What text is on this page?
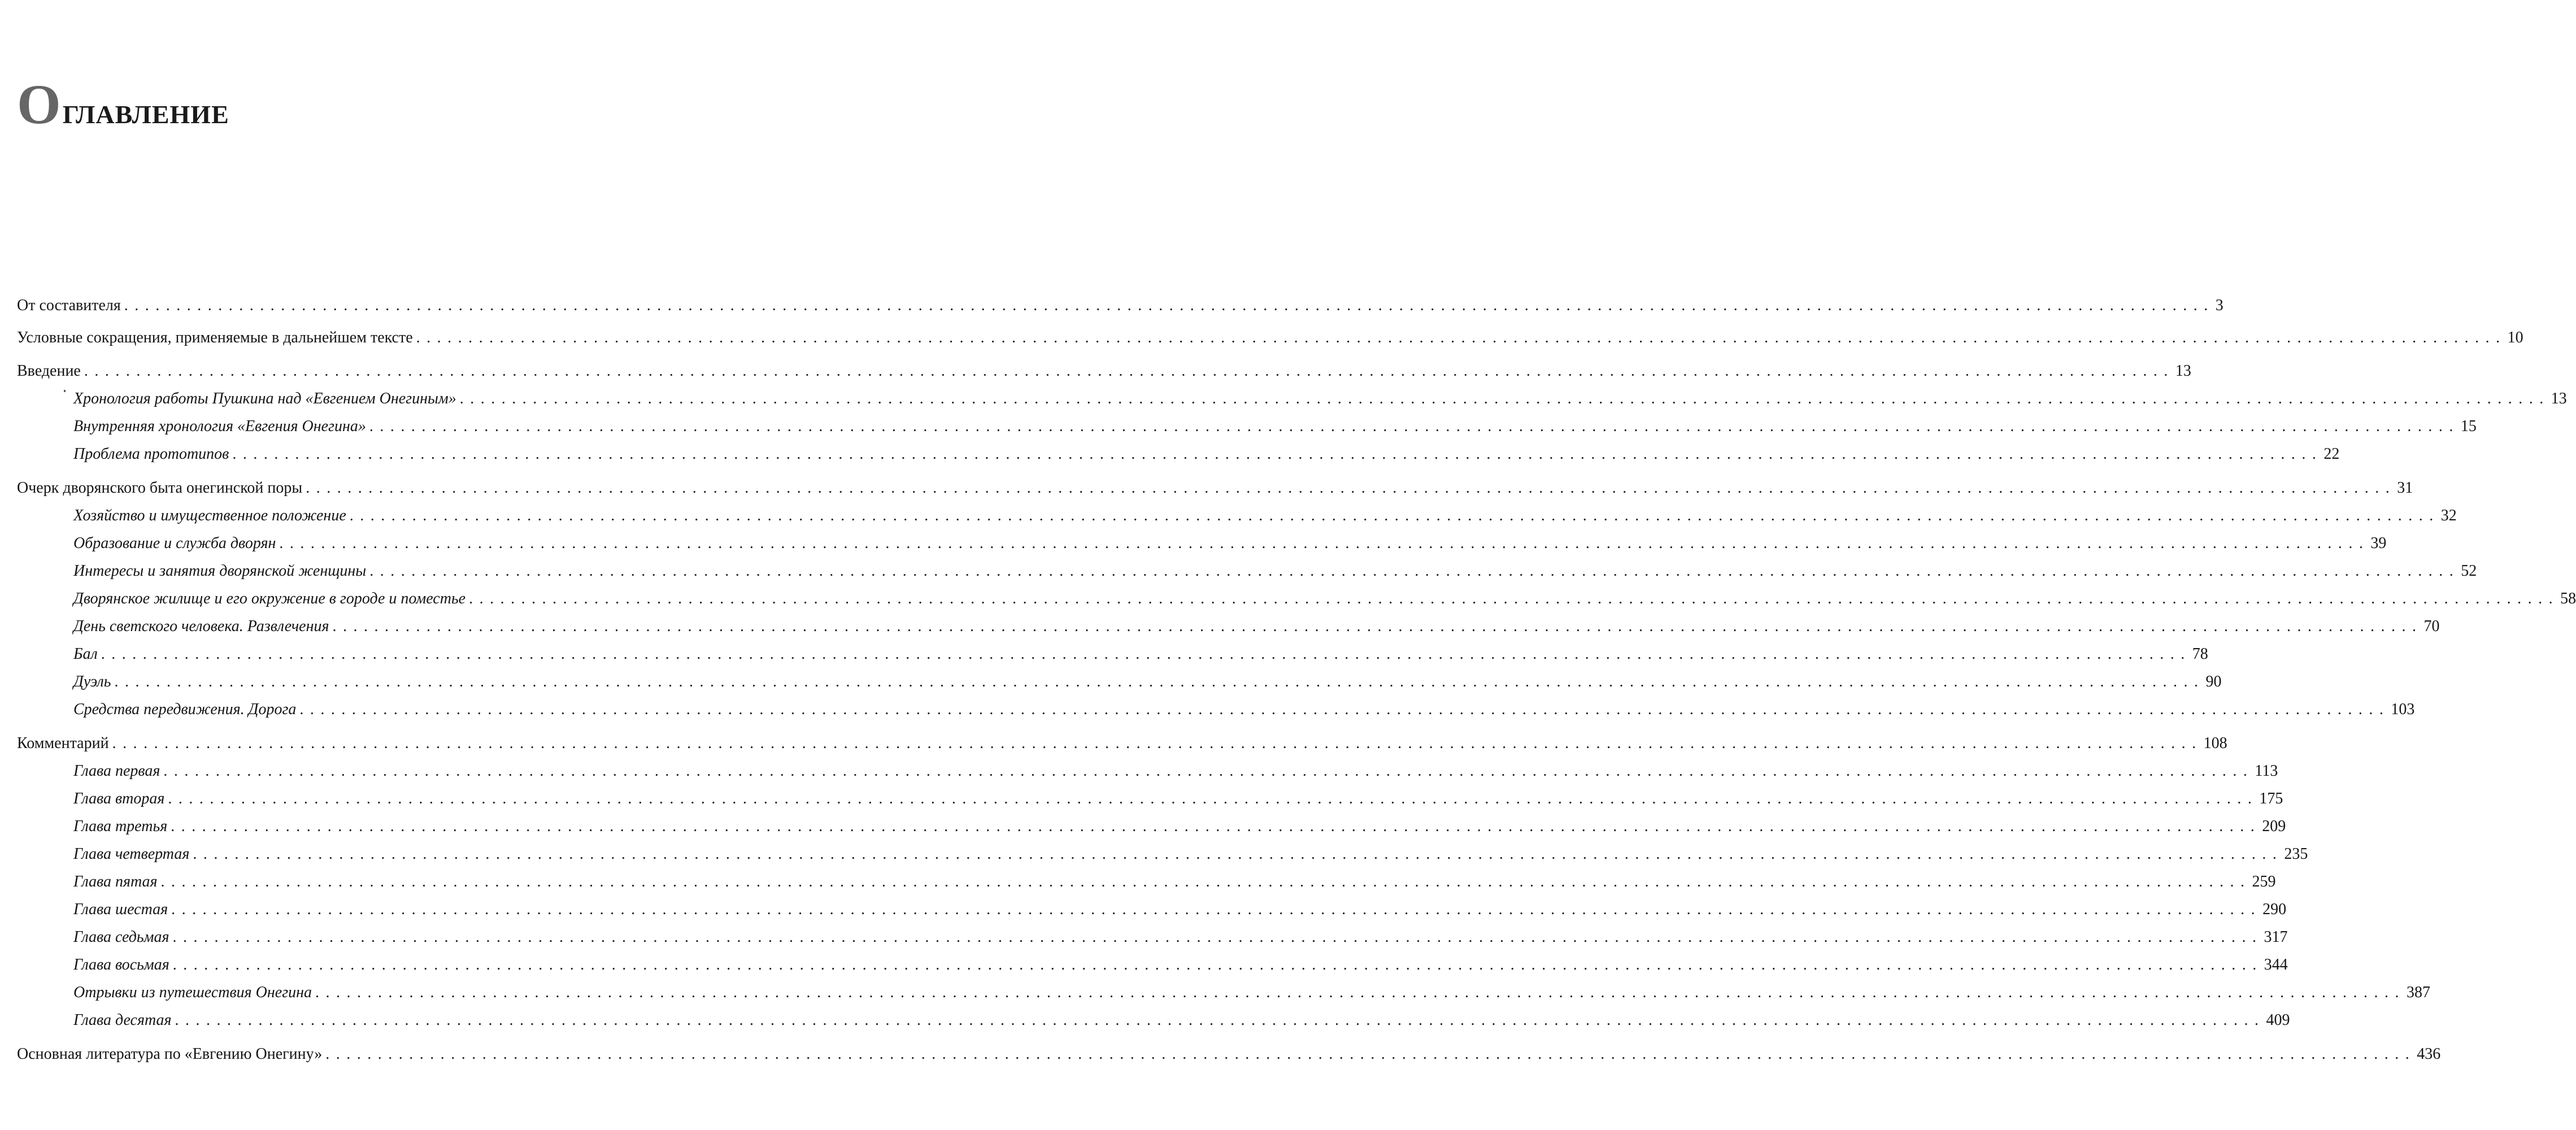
Оглавление
От составителя ........................................................................................................................................................................................................ 3
Условные сокращения, применяемые в дальнейшем тексте ........................................................................................................................................................................................................ 10
Введение ........................................................................................................................................................................................................ 13
Хронология работы Пушкина над «Евгением Онегиным» ........................................................................................................................................................................................................ 13
Внутренняя хронология «Евгения Онегина» ........................................................................................................................................................................................................ 15
Проблема прототипов ........................................................................................................................................................................................................ 22
Очерк дворянского быта онегинской поры ........................................................................................................................................................................................................ 31
Хозяйство и имущественное положение ........................................................................................................................................................................................................ 32
Образование и служба дворян ........................................................................................................................................................................................................ 39
Интересы и занятия дворянской женщины ........................................................................................................................................................................................................ 52
Дворянское жилище и его окружение в городе и поместье ........................................................................................................................................................................................................ 58
День светского человека. Развлечения ........................................................................................................................................................................................................ 70
Бал ........................................................................................................................................................................................................ 78
Дуэль ........................................................................................................................................................................................................ 90
Средства передвижения. Дорога ........................................................................................................................................................................................................ 103
Комментарий ........................................................................................................................................................................................................ 108
Глава первая ........................................................................................................................................................................................................ 113
Глава вторая ........................................................................................................................................................................................................ 175
Глава третья ........................................................................................................................................................................................................ 209
Глава четвертая ........................................................................................................................................................................................................ 235
Глава пятая ........................................................................................................................................................................................................ 259
Глава шестая ........................................................................................................................................................................................................ 290
Глава седьмая ........................................................................................................................................................................................................ 317
Глава восьмая ........................................................................................................................................................................................................ 344
Отрывки из путешествия Онегина ........................................................................................................................................................................................................ 387
Глава десятая ........................................................................................................................................................................................................ 409
Основная литература по «Евгению Онегину» ........................................................................................................................................................................................................ 436
